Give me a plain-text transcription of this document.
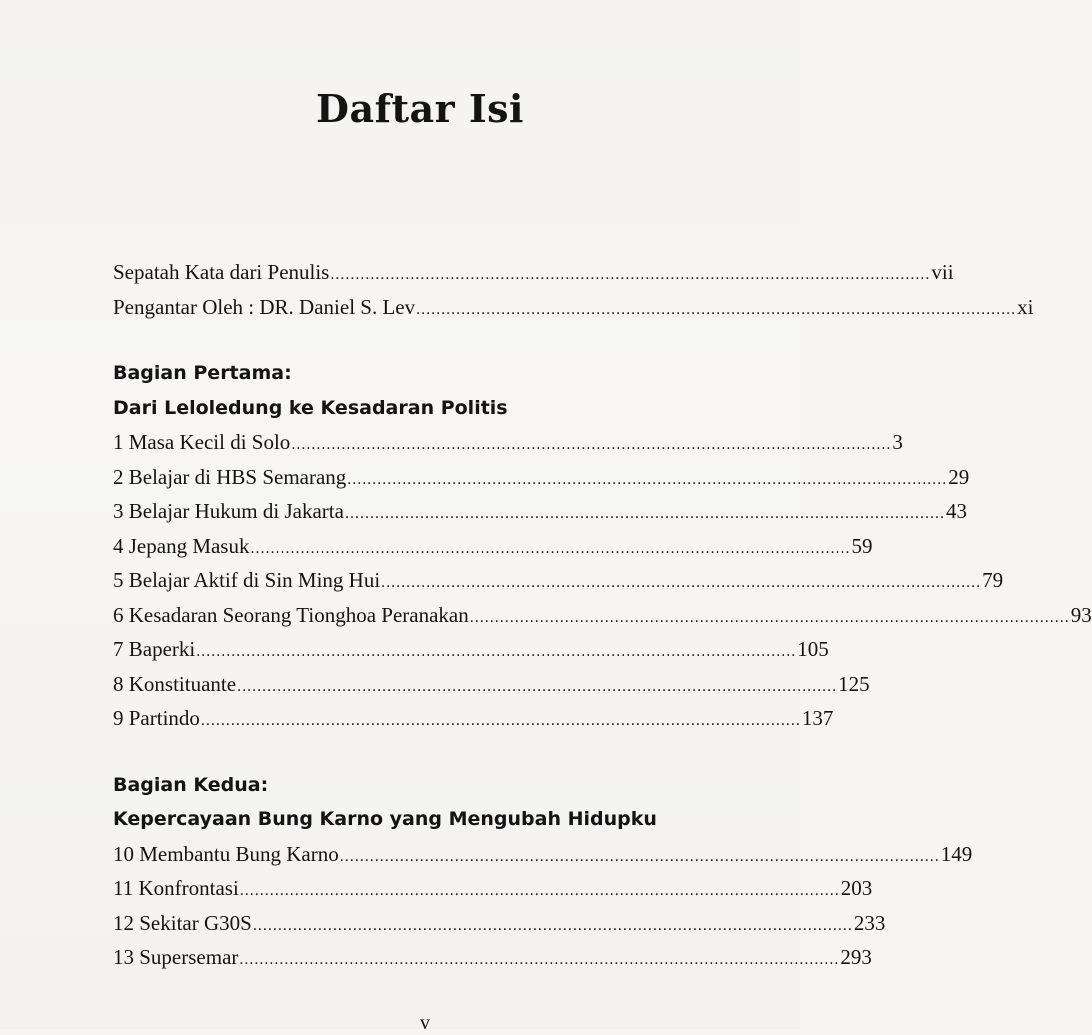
Daftar Isi
Sepatah Kata dari Penulis ........................................................................................................................ vii
Pengantar Oleh : DR. Daniel S. Lev ........................................................................................................................ xi
Bagian Pertama:
Dari Leloledung ke Kesadaran Politis
1 Masa Kecil di Solo ........................................................................................................................ 3
2 Belajar di HBS Semarang ........................................................................................................................ 29
3 Belajar Hukum di Jakarta ........................................................................................................................ 43
4 Jepang Masuk ........................................................................................................................ 59
5 Belajar Aktif di Sin Ming Hui ........................................................................................................................ 79
6 Kesadaran Seorang Tionghoa Peranakan ........................................................................................................................ 93
7 Baperki ........................................................................................................................ 105
8 Konstituante ........................................................................................................................ 125
9 Partindo ........................................................................................................................ 137
Bagian Kedua:
Kepercayaan Bung Karno yang Mengubah Hidupku
10 Membantu Bung Karno ........................................................................................................................ 149
11 Konfrontasi ........................................................................................................................ 203
12 Sekitar G30S ........................................................................................................................ 233
13 Supersemar ........................................................................................................................ 293
v
